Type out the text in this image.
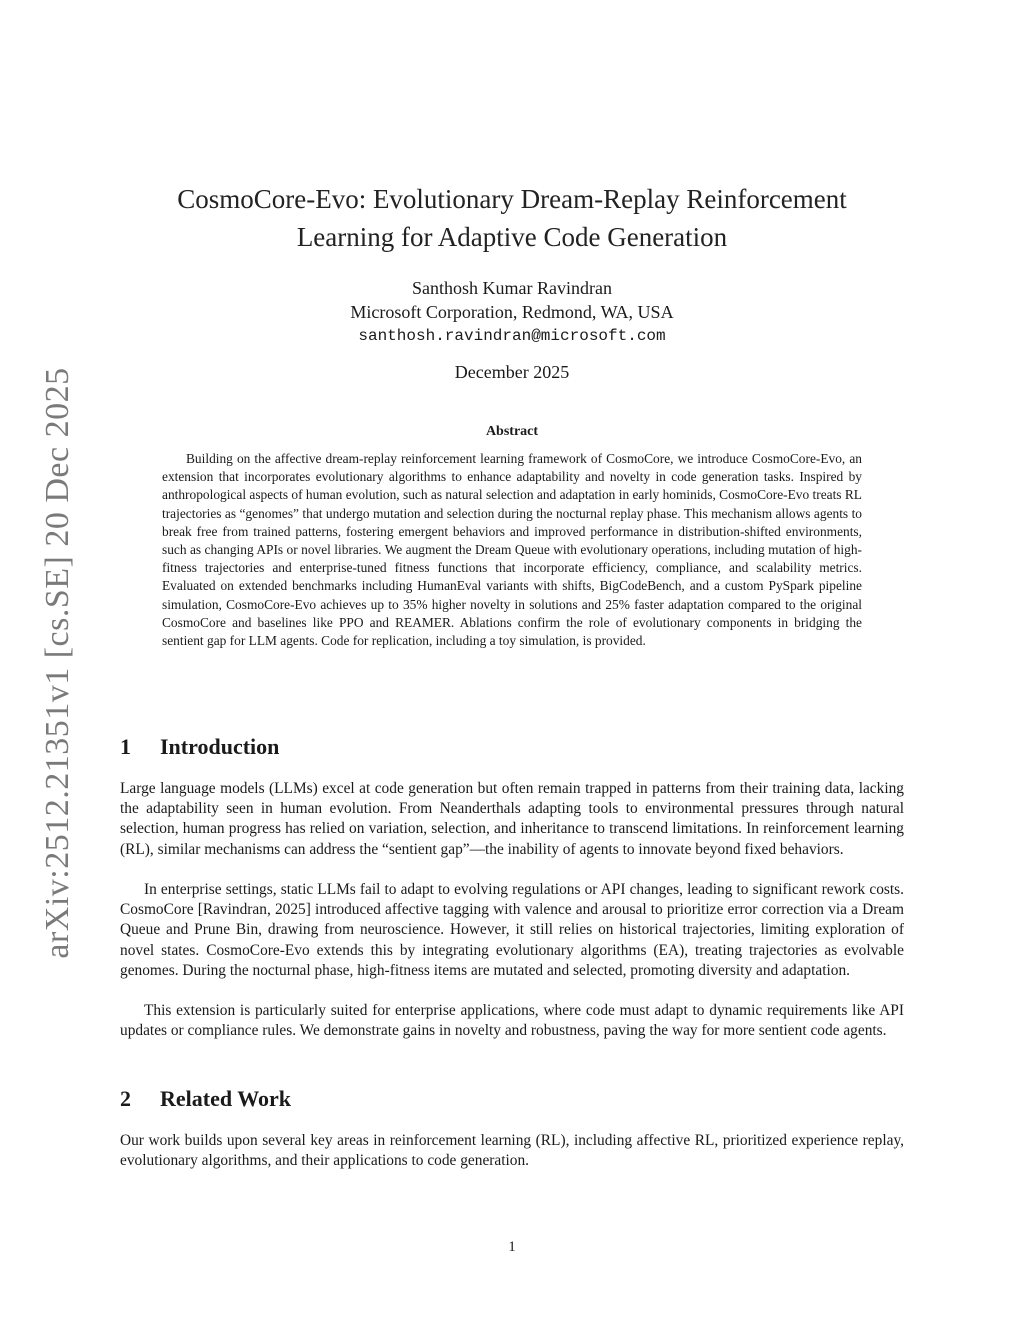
arXiv:2512.21351v1 [cs.SE] 20 Dec 2025
CosmoCore-Evo: Evolutionary Dream-Replay Reinforcement
Learning for Adaptive Code Generation
Santhosh Kumar Ravindran
Microsoft Corporation, Redmond, WA, USA
santhosh.ravindran@microsoft.com
December 2025
Abstract

Building on the affective dream-replay reinforcement learning framework of CosmoCore, we introduce CosmoCore-Evo, an extension that incorporates evolutionary algorithms to enhance adaptability and novelty in code generation tasks. Inspired by anthropological aspects of human evolution, such as natural selection and adaptation in early hominids, CosmoCore-Evo treats RL trajectories as “genomes” that undergo mutation and selection during the nocturnal replay phase. This mechanism allows agents to break free from trained patterns, fostering emergent behaviors and improved performance in distribution-shifted environments, such as changing APIs or novel libraries. We augment the Dream Queue with evolutionary operations, including mutation of high-fitness trajectories and enterprise-tuned fitness functions that incorporate efficiency, compliance, and scalability metrics. Evaluated on extended benchmarks including HumanEval variants with shifts, BigCodeBench, and a custom PySpark pipeline simulation, CosmoCore-Evo achieves up to 35% higher novelty in solutions and 25% faster adaptation compared to the original CosmoCore and baselines like PPO and REAMER. Ablations confirm the role of evolutionary components in bridging the sentient gap for LLM agents. Code for replication, including a toy simulation, is provided.

1 Introduction

Large language models (LLMs) excel at code generation but often remain trapped in patterns from their training data, lacking the adaptability seen in human evolution. From Neanderthals adapting tools to environmental pressures through natural selection, human progress has relied on variation, selection, and inheritance to transcend limitations. In reinforcement learning (RL), similar mechanisms can address the “sentient gap”—the inability of agents to innovate beyond fixed behaviors.

In enterprise settings, static LLMs fail to adapt to evolving regulations or API changes, leading to significant rework costs. CosmoCore [Ravindran, 2025] introduced affective tagging with valence and arousal to prioritize error correction via a Dream Queue and Prune Bin, drawing from neuroscience. However, it still relies on historical trajectories, limiting exploration of novel states. CosmoCore-Evo extends this by integrating evolutionary algorithms (EA), treating trajectories as evolvable genomes. During the nocturnal phase, high-fitness items are mutated and selected, promoting diversity and adaptation.

This extension is particularly suited for enterprise applications, where code must adapt to dynamic requirements like API updates or compliance rules. We demonstrate gains in novelty and robustness, paving the way for more sentient code agents.

2 Related Work

Our work builds upon several key areas in reinforcement learning (RL), including affective RL, prioritized experience replay, evolutionary algorithms, and their applications to code generation.

1
